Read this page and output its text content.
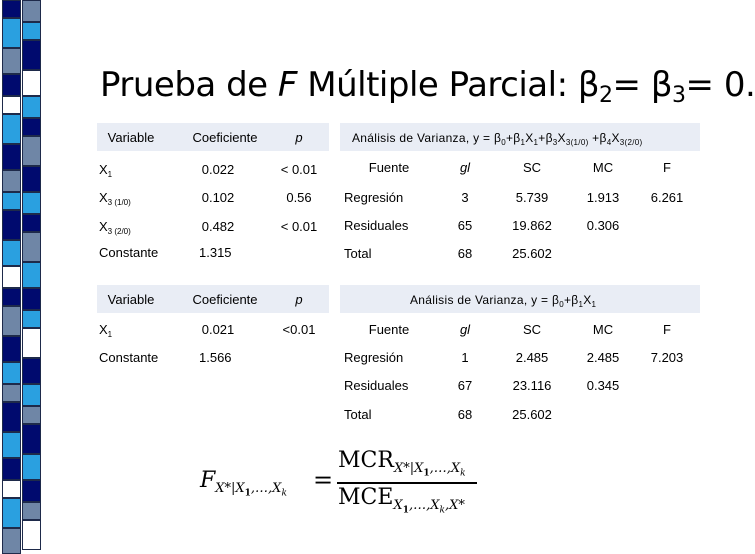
Prueba de F Múltiple Parcial: $\beta_2= \beta_3= 0$.
Variable	Coeficiente	p
$X_1$	0.022	< 0.01
$X_{3 (1/0)}$	0.102	0.56
$X_{3 (2/0)}$	0.482	< 0.01
Constante	1.315
Análisis de Varianza, $y = \beta_0+\beta_1X_1+\beta_3X_{3(1/0)} +\beta_4X_{3(2/0)}$
Fuente	gl	SC	MC	F
Regresión	3	5.739	1.913 6.261
Residuales	65	19.862	0.306
Total	68	25.602
Variable	Coeficiente	p
$X_1$	0.021	<0.01
Constante	1.566
Análisis de Varianza, $y = \beta_0+\beta_1X_1$
Fuente	gl	SC	MC	F
Regresión	1	2.485	2.485 7.203
Residuales	67	23.116	0.345
Total	68	25.602
$F_{X*|X_1,\dots,X_k}$ =
$MCR_{X*|X_1,\dots,X_k}$
$MCE_{X_1,\dots,X_k,X*}$
